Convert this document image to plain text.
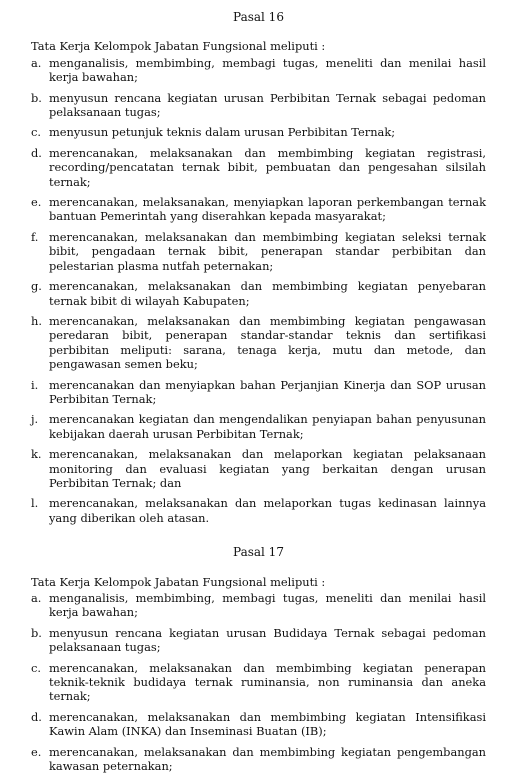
Pasal 16
Tata Kerja Kelompok Jabatan Fungsional meliputi :
a. menganalisis, membimbing, membagi tugas, meneliti dan menilai hasil kerja bawahan;
b. menyusun rencana kegiatan urusan Perbibitan Ternak sebagai pedoman pelaksanaan tugas;
c. menyusun petunjuk teknis dalam urusan Perbibitan Ternak;
d. merencanakan, melaksanakan dan membimbing kegiatan registrasi, recording/pencatatan ternak bibit, pembuatan dan pengesahan silsilah ternak;
e. merencanakan, melaksanakan, menyiapkan laporan perkembangan ternak bantuan Pemerintah yang diserahkan kepada masyarakat;
f. merencanakan, melaksanakan dan membimbing kegiatan seleksi ternak bibit, pengadaan ternak bibit, penerapan standar perbibitan dan pelestarian plasma nutfah peternakan;
g. merencanakan, melaksanakan dan membimbing kegiatan penyebaran ternak bibit di wilayah Kabupaten;
h. merencanakan, melaksanakan dan membimbing kegiatan pengawasan peredaran bibit, penerapan standar-standar teknis dan sertifikasi perbibitan meliputi: sarana, tenaga kerja, mutu dan metode, dan pengawasan semen beku;
i. merencanakan dan menyiapkan bahan Perjanjian Kinerja dan SOP urusan Perbibitan Ternak;
j. merencanakan kegiatan dan mengendalikan penyiapan bahan penyusunan kebijakan daerah urusan Perbibitan Ternak;
k. merencanakan, melaksanakan dan melaporkan kegiatan pelaksanaan monitoring dan evaluasi kegiatan yang berkaitan dengan urusan Perbibitan Ternak; dan
l. merencanakan, melaksanakan dan melaporkan tugas kedinasan lainnya yang diberikan oleh atasan.
Pasal 17
Tata Kerja Kelompok Jabatan Fungsional meliputi :
a. menganalisis, membimbing, membagi tugas, meneliti dan menilai hasil kerja bawahan;
b. menyusun rencana kegiatan urusan Budidaya Ternak sebagai pedoman pelaksanaan tugas;
c. merencanakan, melaksanakan dan membimbing kegiatan penerapan teknik-teknik budidaya ternak ruminansia, non ruminansia dan aneka ternak;
d. merencanakan, melaksanakan dan membimbing kegiatan Intensifikasi Kawin Alam (INKA) dan Inseminasi Buatan (IB);
e. merencanakan, melaksanakan dan membimbing kegiatan pengembangan kawasan peternakan;
